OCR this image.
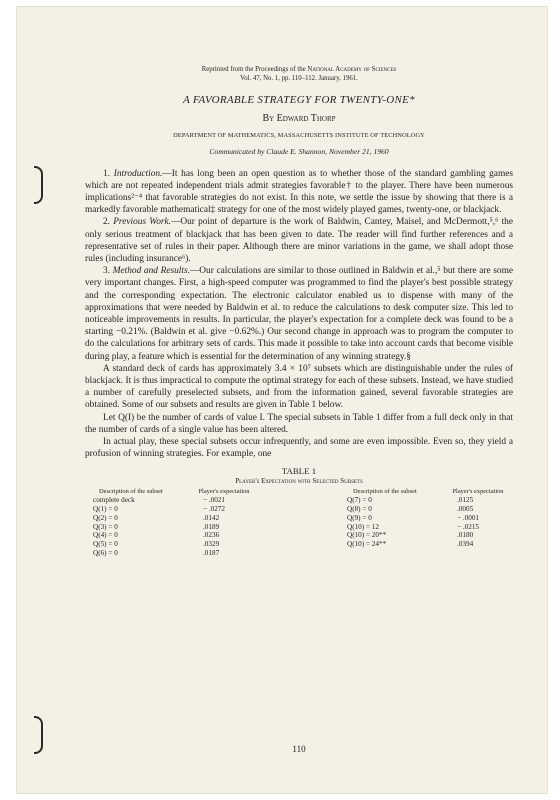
Reprinted from the Proceedings of the National Academy of Sciences
Vol. 47, No. 1, pp. 110–112. January, 1961.

A FAVORABLE STRATEGY FOR TWENTY-ONE*

By Edward Thorp

DEPARTMENT OF MATHEMATICS, MASSACHUSETTS INSTITUTE OF TECHNOLOGY

Communicated by Claude E. Shannon, November 21, 1960

1. Introduction.—It has long been an open question as to whether those of the standard gambling games which are not repeated independent trials admit strategies favorable† to the player. There have been numerous implications²⁻⁴ that favorable strategies do not exist. In this note, we settle the issue by showing that there is a markedly favorable mathematical‡ strategy for one of the most widely played games, twenty-one, or blackjack.

2. Previous Work.—Our point of departure is the work of Baldwin, Cantey, Maisel, and McDermott,⁵,⁶ the only serious treatment of blackjack that has been given to date. The reader will find further references and a representative set of rules in their paper. Although there are minor variations in the game, we shall adopt those rules (including insurance⁶).

3. Method and Results.—Our calculations are similar to those outlined in Baldwin et al.,⁵ but there are some very important changes. First, a high-speed computer was programmed to find the player's best possible strategy and the corresponding expectation. The electronic calculator enabled us to dispense with many of the approximations that were needed by Baldwin et al. to reduce the calculations to desk computer size. This led to noticeable improvements in results. In particular, the player's expectation for a complete deck was found to be a starting −0.21%. (Baldwin et al. give −0.62%.) Our second change in approach was to program the computer to do the calculations for arbitrary sets of cards. This made it possible to take into account cards that become visible during play, a feature which is essential for the determination of any winning strategy.§

A standard deck of cards has approximately 3.4 × 10⁷ subsets which are distinguishable under the rules of blackjack. It is thus impractical to compute the optimal strategy for each of these subsets. Instead, we have studied a number of carefully preselected subsets, and from the information gained, several favorable strategies are obtained. Some of our subsets and results are given in Table 1 below.

Let Q(I) be the number of cards of value I. The special subsets in Table 1 differ from a full deck only in that the number of cards of a single value has been altered.

In actual play, these special subsets occur infrequently, and some are even impossible. Even so, they yield a profusion of winning strategies. For example, one

TABLE 1
Player's Expectation with Selected Subsets
Description of the subset
complete deck
Q(1) = 0
Q(2) = 0
Q(3) = 0
Q(4) = 0
Q(5) = 0
Q(6) = 0
Player's expectation
− .0021
− .0272
.0142
.0189
.0236
.0329
.0187
Description of the subset
Q(7) = 0
Q(8) = 0
Q(9) = 0
Q(10) = 12
Q(10) = 20**
Q(10) = 24**
Player's expectation
.0125
.0005
− .0001
− .0215
.0180
.0394
110
